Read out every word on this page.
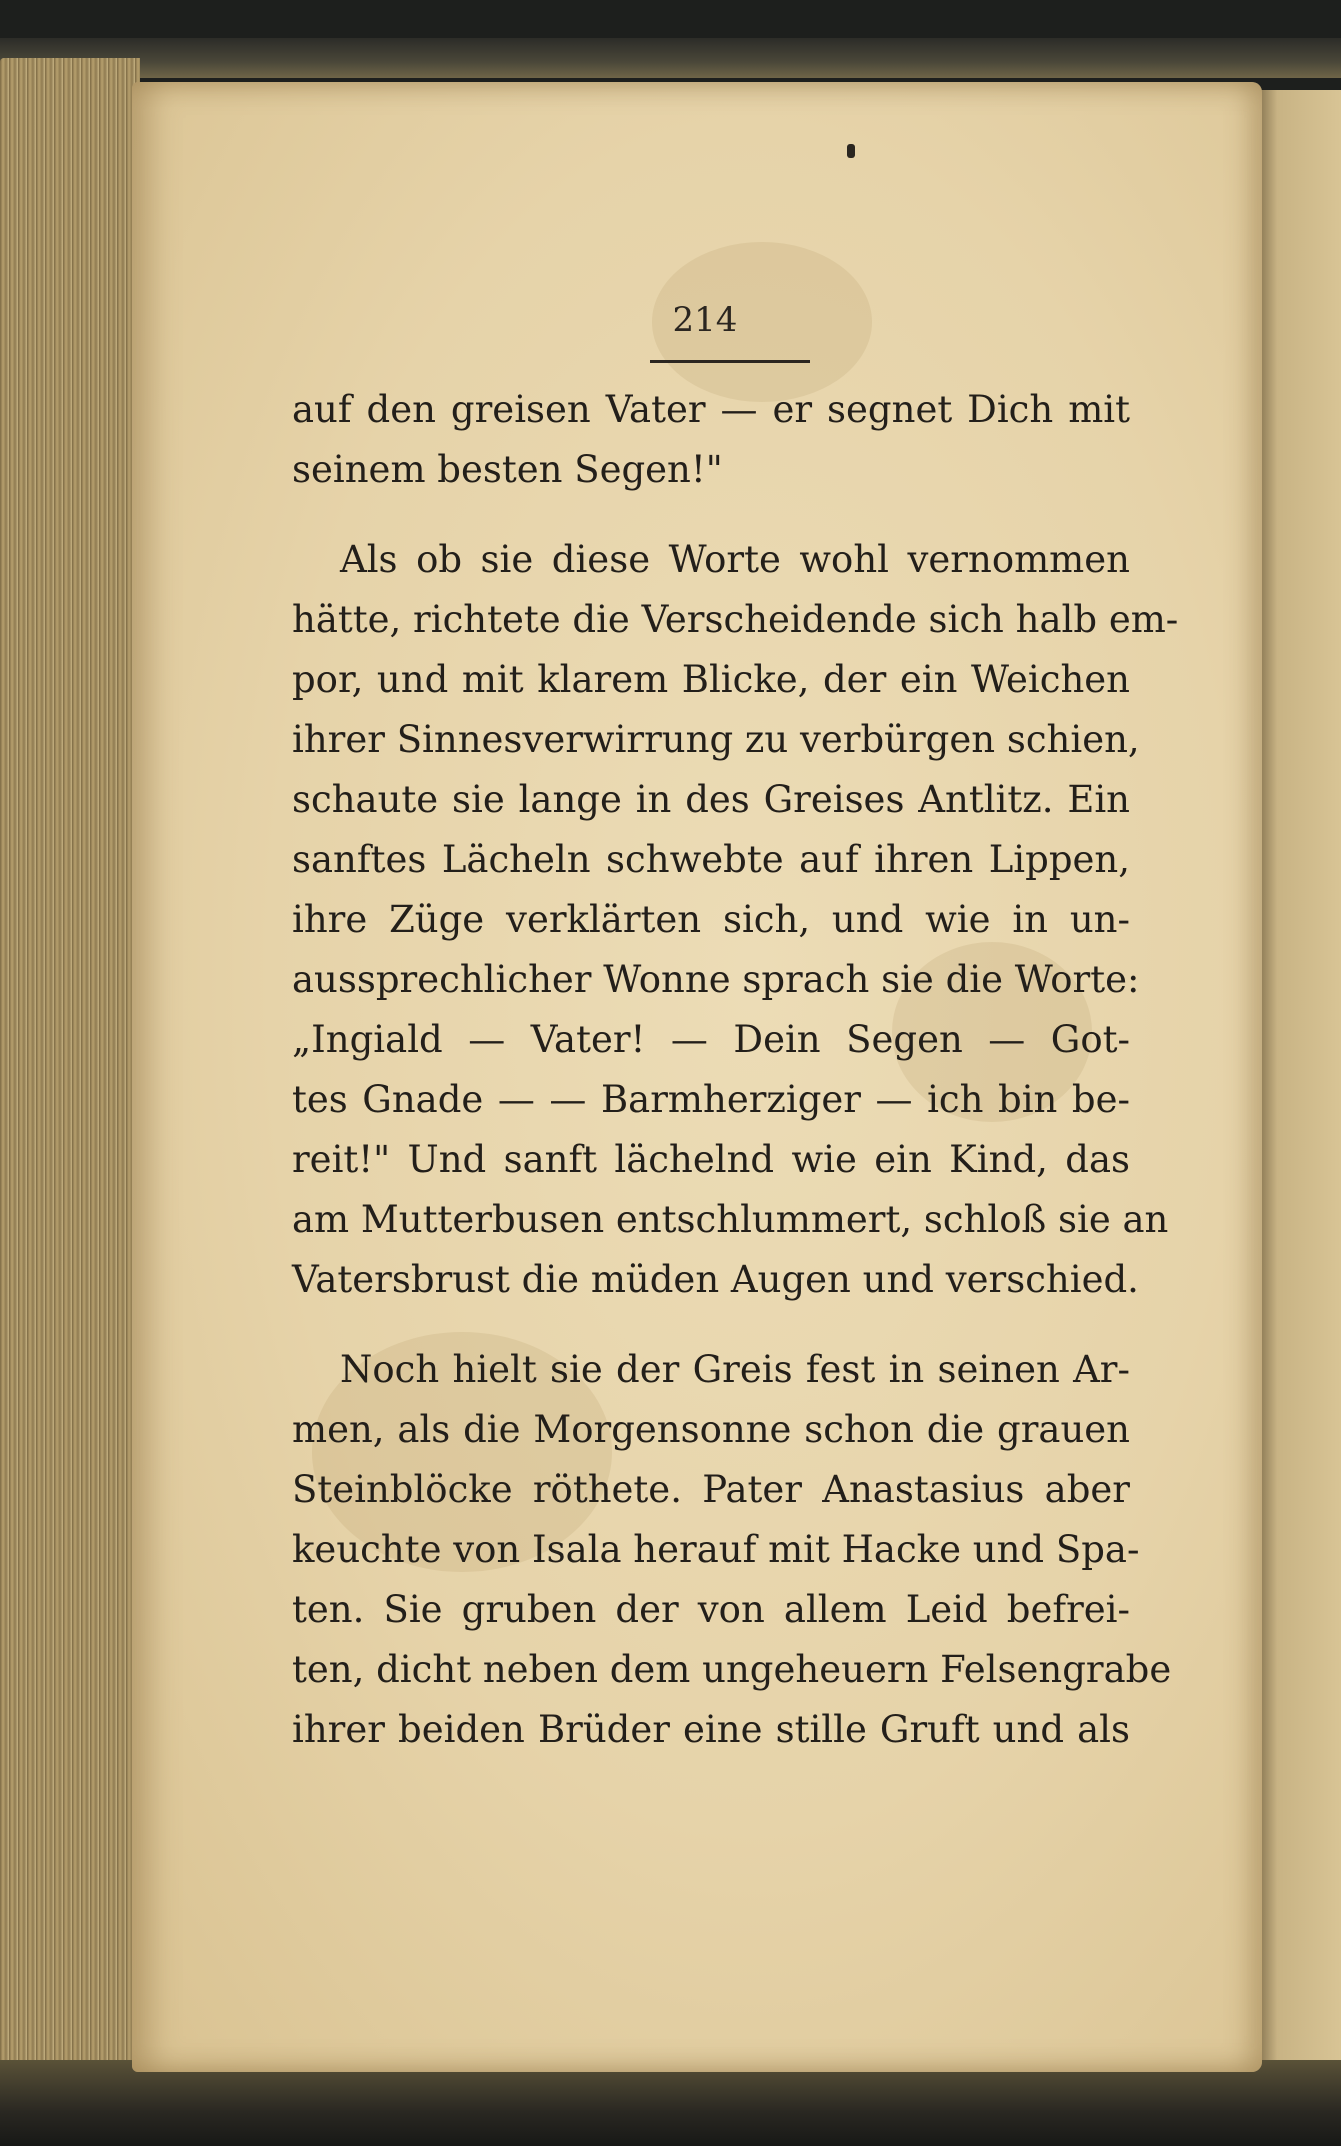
214

auf den greisen Vater — er segnet Dich mit
seinem besten Segen!"

Als ob sie diese Worte wohl vernommen
hätte, richtete die Verscheidende sich halb em-
por, und mit klarem Blicke, der ein Weichen
ihrer Sinnesverwirrung zu verbürgen schien,
schaute sie lange in des Greises Antlitz. Ein
sanftes Lächeln schwebte auf ihren Lippen,
ihre Züge verklärten sich, und wie in un-
aussprechlicher Wonne sprach sie die Worte:
„Ingiald — Vater! — Dein Segen — Got-
tes Gnade — — Barmherziger — ich bin be-
reit!" Und sanft lächelnd wie ein Kind, das
am Mutterbusen entschlummert, schloß sie an
Vatersbrust die müden Augen und verschied.

Noch hielt sie der Greis fest in seinen Ar-
men, als die Morgensonne schon die grauen
Steinblöcke röthete. Pater Anastasius aber
keuchte von Isala herauf mit Hacke und Spa-
ten. Sie gruben der von allem Leid befrei-
ten, dicht neben dem ungeheuern Felsengrabe
ihrer beiden Brüder eine stille Gruft und als
